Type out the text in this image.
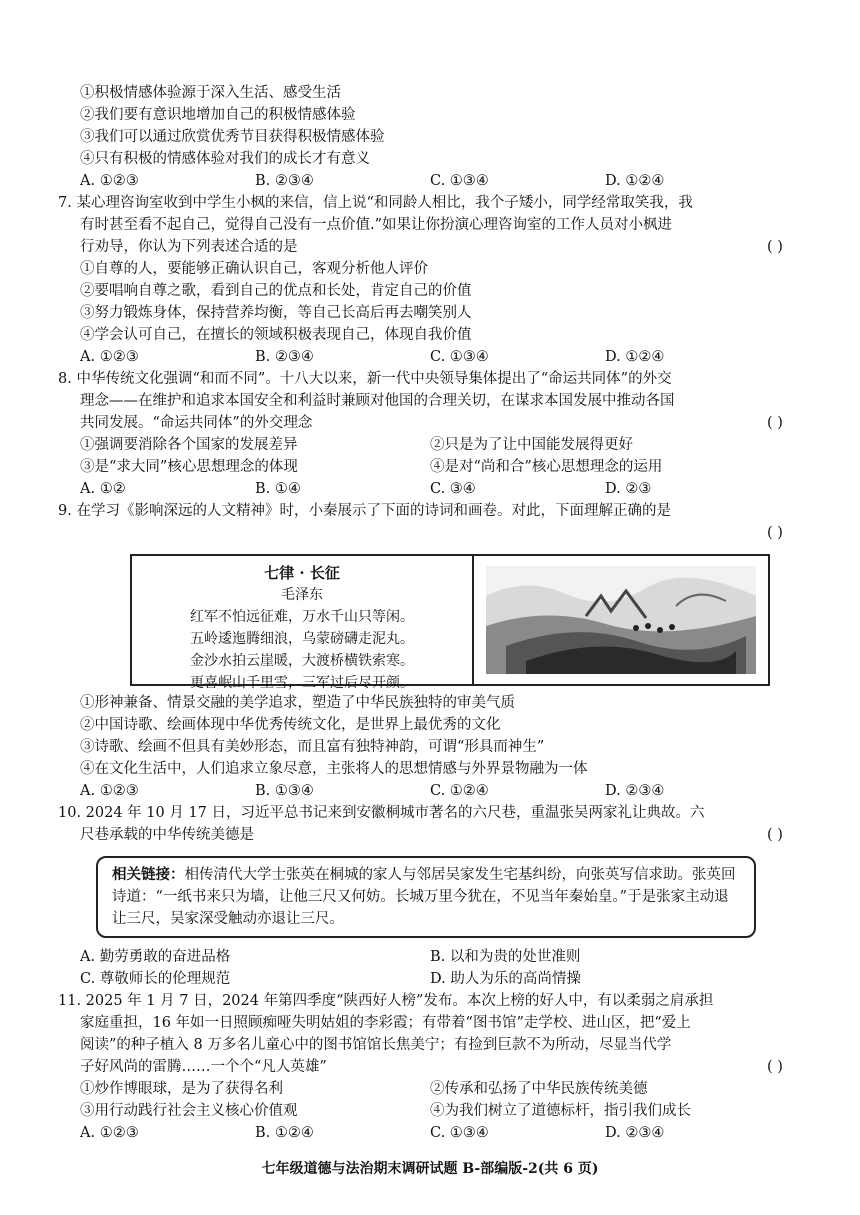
①积极情感体验源于深入生活、感受生活
②我们要有意识地增加自己的积极情感体验
③我们可以通过欣赏优秀节目获得积极情感体验
④只有积极的情感体验对我们的成长才有意义
A. ①②③	B. ②③④	C. ①③④	D. ①②④
7. 某心理咨询室收到中学生小枫的来信，信上说“和同龄人相比，我个子矮小，同学经常取笑我，我
有时甚至看不起自己，觉得自己没有一点价值.”如果让你扮演心理咨询室的工作人员对小枫进
行劝导，你认为下列表述合适的是	( )
①自尊的人，要能够正确认识自己，客观分析他人评价
②要唱响自尊之歌，看到自己的优点和长处，肯定自己的价值
③努力锻炼身体，保持营养均衡，等自己长高后再去嘲笑别人
④学会认可自己，在擅长的领域积极表现自己，体现自我价值
A. ①②③	B. ②③④	C. ①③④	D. ①②④
8. 中华传统文化强调“和而不同”。十八大以来，新一代中央领导集体提出了“命运共同体”的外交
理念——在维护和追求本国安全和利益时兼顾对他国的合理关切，在谋求本国发展中推动各国
共同发展。“命运共同体”的外交理念	( )
①强调要消除各个国家的发展差异	②只是为了让中国能发展得更好
③是“求大同”核心思想理念的体现	④是对“尚和合”核心思想理念的运用
A. ①②	B. ①④	C. ③④	D. ②③
9. 在学习《影响深远的人文精神》时，小秦展示了下面的诗词和画卷。对此，下面理解正确的是
( )

七律 · 长征
毛泽东
红军不怕远征难，万水千山只等闲。
五岭逶迤腾细浪，乌蒙磅礴走泥丸。
金沙水拍云崖暖，大渡桥横铁索寒。
更喜岷山千里雪，三军过后尽开颜。
①形神兼备、情景交融的美学追求，塑造了中华民族独特的审美气质
②中国诗歌、绘画体现中华优秀传统文化，是世界上最优秀的文化
③诗歌、绘画不但具有美妙形态，而且富有独特神韵，可谓“形具而神生”
④在文化生活中，人们追求立象尽意，主张将人的思想情感与外界景物融为一体
A. ①②③	B. ①③④	C. ①②④	D. ②③④
10. 2024 年 10 月 17 日，习近平总书记来到安徽桐城市著名的六尺巷，重温张吴两家礼让典故。六
尺巷承载的中华传统美德是	( )
相关链接：相传清代大学士张英在桐城的家人与邻居吴家发生宅基纠纷，向张英写信求助。张英回诗道：“一纸书来只为墙，让他三尺又何妨。长城万里今犹在，不见当年秦始皇。”于是张家主动退让三尺，吴家深受触动亦退让三尺。
A. 勤劳勇敢的奋进品格	B. 以和为贵的处世准则
C. 尊敬师长的伦理规范	D. 助人为乐的高尚情操
11. 2025 年 1 月 7 日，2024 年第四季度“陕西好人榜”发布。本次上榜的好人中，有以柔弱之肩承担
家庭重担，16 年如一日照顾痴哑失明姑姐的李彩霞；有带着“图书馆”走学校、进山区，把“爱上
阅读”的种子植入 8 万多名儿童心中的图书馆馆长焦美宁；有捡到巨款不为所动，尽显当代学
子好风尚的雷腾……一个个“凡人英雄”	( )
①炒作博眼球，是为了获得名利	②传承和弘扬了中华民族传统美德
③用行动践行社会主义核心价值观	④为我们树立了道德标杆，指引我们成长
A. ①②③	B. ①②④	C. ①③④	D. ②③④
七年级道德与法治期末调研试题 B-部编版-2(共 6 页)
